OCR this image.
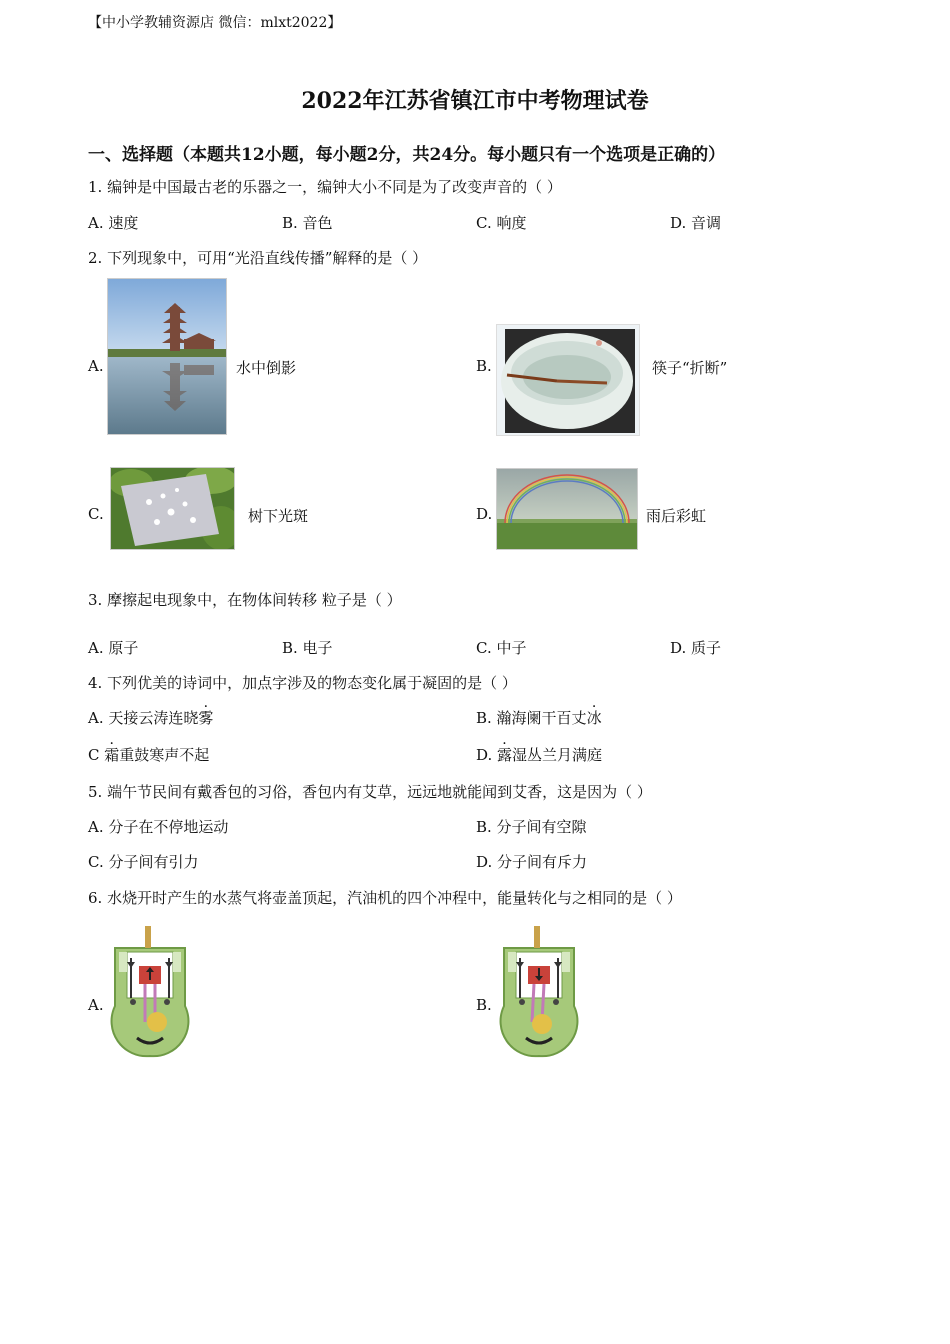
【中小学教辅资源店 微信：mlxt2022】
2022年江苏省镇江市中考物理试卷
一、选择题（本题共12小题，每小题2分，共24分。每小题只有一个选项是正确的）
1. 编钟是中国最古老的乐器之一，编钟大小不同是为了改变声音的（ ）
A. 速度	B. 音色	C. 响度	D. 音调
2. 下列现象中，可用“光沿直线传播”解释的是（ ）
A.	水中倒影	B.	筷子“折断”
C.	树下光斑	D.	雨后彩虹
3. 摩擦起电现象中，在物体间转移 粒子是（ ）
A. 原子	B. 电子	C. 中子	D. 质子
4. 下列优美的诗词中，加点字涉及的物态变化属于凝固的是（ ）
A. 天接云涛连晓雾	B. 瀚海阑干百丈冰
C 霜重鼓寒声不起	D. 露湿丛兰月满庭
5. 端午节民间有戴香包的习俗，香包内有艾草，远远地就能闻到艾香，这是因为（ ）
A. 分子在不停地运动	B. 分子间有空隙
C. 分子间有引力	D. 分子间有斥力
6. 水烧开时产生的水蒸气将壶盖顶起，汽油机的四个冲程中，能量转化与之相同的是（ ）
A.	B.
